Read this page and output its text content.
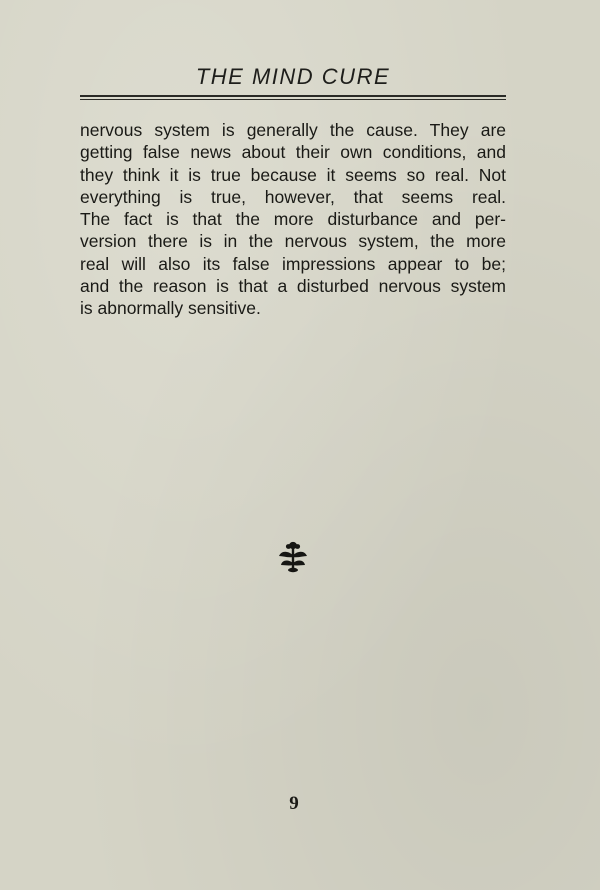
THE MIND CURE
nervous system is generally the cause. They are
getting false news about their own conditions, and
they think it is true because it seems so real. Not
everything is true, however, that seems real.
The fact is that the more disturbance and per-
version there is in the nervous system, the more
real will also its false impressions appear to be;
and the reason is that a disturbed nervous system
is abnormally sensitive.
9
